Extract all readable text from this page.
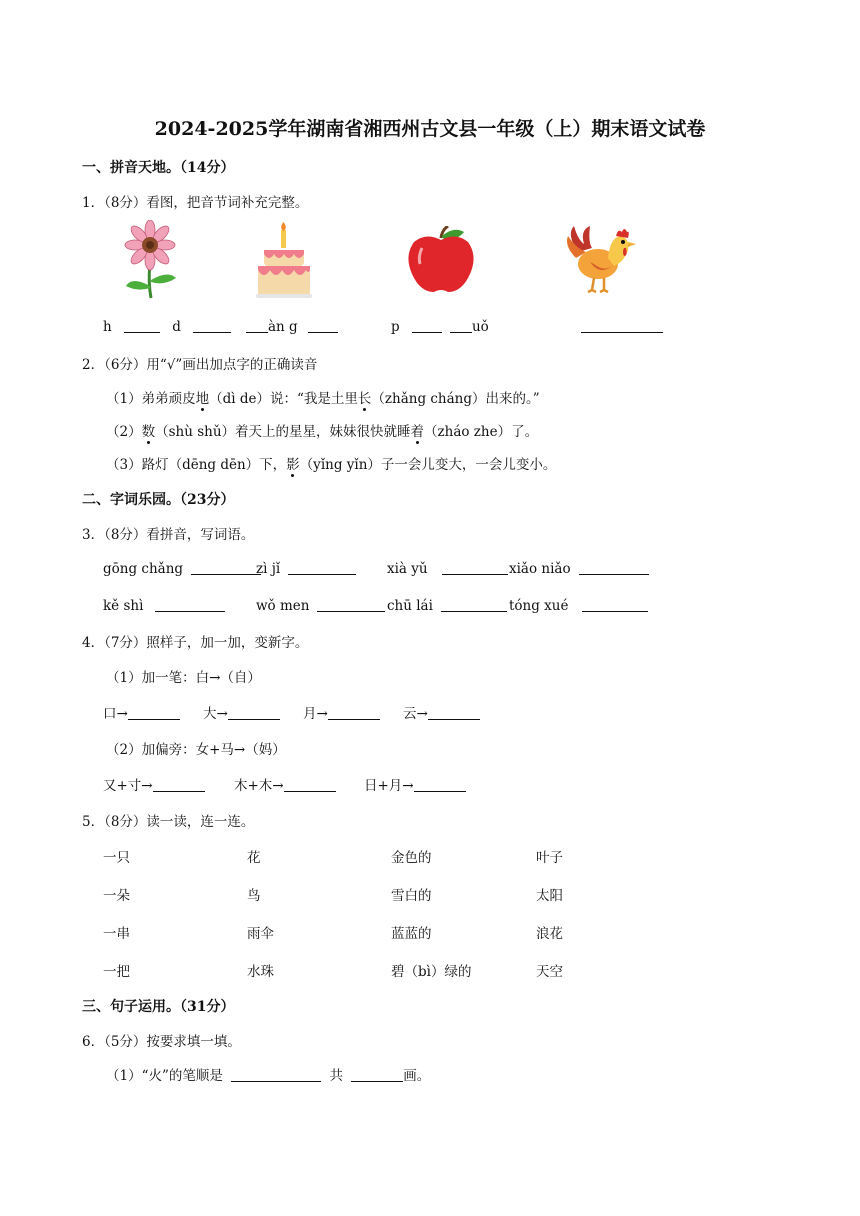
2024-2025学年湖南省湘西州古文县一年级（上）期末语文试卷
一、拼音天地。（14分）
1．（8分）看图，把音节词补充完整。
h	d	àn g	p	uǒ
2．（6分）用“√”画出加点字的正确读音
（1）弟弟顽皮地（dì de）说：“我是土里长（zhǎng cháng）出来的。”
（2）数（shù shǔ）着天上的星星，妹妹很快就睡着（zháo zhe）了。
（3）路灯（dēng dēn）下，影（yǐng yǐn）子一会儿变大，一会儿变小。
二、字词乐园。（23分）
3．（8分）看拼音，写词语。
gōng chǎng	zì jǐ	xià yǔ	xiǎo niǎo
kě shì	wǒ men	chū lái	tóng xué
4．（7分）照样子，加一加，变新字。
（1）加一笔：白→（自）
口→	大→	月→	云→
（2）加偏旁：女+马→（妈）
又+寸→	木+木→	日+月→
5．（8分）读一读，连一连。
一只	花	金色的	叶子
一朵	鸟	雪白的	太阳
一串	雨伞	蓝蓝的	浪花
一把	水珠	碧（bì）绿的	天空
三、句子运用。（31分）
6．（5分）按要求填一填。
（1）“火”的笔顺是	共	画。
